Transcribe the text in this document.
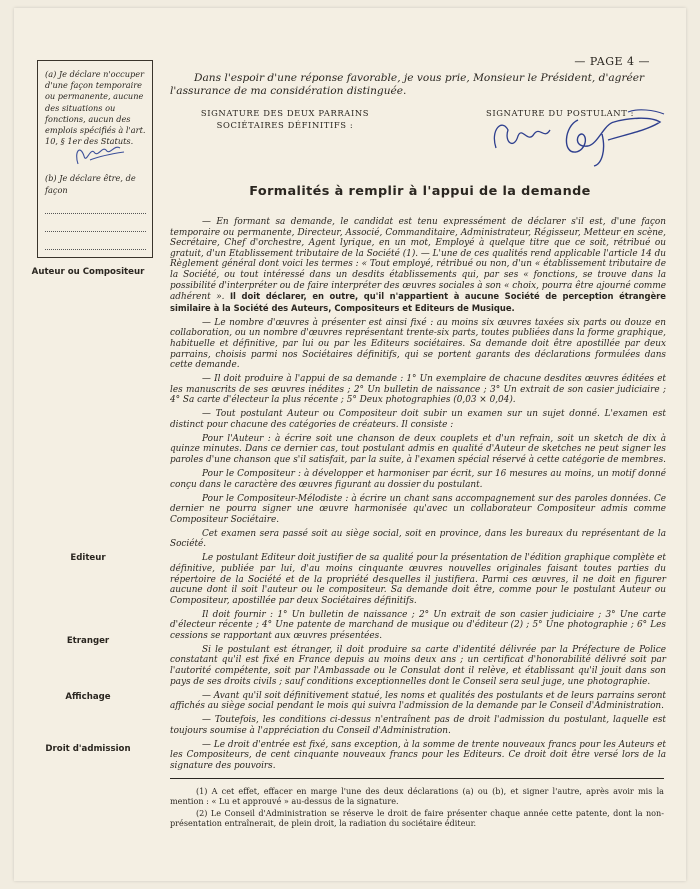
— PAGE 4 —

(a) Je déclare n'occuper d'une façon temporaire ou permanente, aucune des situations ou fonctions, aucun des emplois spécifiés à l'art. 10, § 1er des Statuts.

(b) Je déclare être, de façon

Dans l'espoir d'une réponse favorable, je vous prie, Monsieur le Président, d'agréer l'assurance de ma considération distinguée.
SIGNATURE DES DEUX PARRAINS SOCIÉTAIRES DÉFINITIFS :
SIGNATURE DU POSTULANT :
Formalités à remplir à l'appui de la demande
Auteur ou Compositeur
Editeur
Etranger
Affichage
Droit d'admission

— En formant sa demande, le candidat est tenu expressément de déclarer s'il est, d'une façon temporaire ou permanente, Directeur, Associé, Commanditaire, Administrateur, Régisseur, Metteur en scène, Secrétaire, Chef d'orchestre, Agent lyrique, en un mot, Employé à quelque titre que ce soit, rétribué ou gratuit, d'un Etablissement tributaire de la Société (1). — L'une de ces qualités rend applicable l'article 14 du Règlement général dont voici les termes : « Tout employé, rétribué ou non, d'un « établissement tributaire de la Société, ou tout intéressé dans un desdits établissements qui, par ses « fonctions, se trouve dans la possibilité d'interpréter ou de faire interpréter des œuvres sociales à son « choix, pourra être ajourné comme adhérent ». Il doit déclarer, en outre, qu'il n'appartient à aucune Société de perception étrangère similaire à la Société des Auteurs, Compositeurs et Editeurs de Musique.

— Le nombre d'œuvres à présenter est ainsi fixé : au moins six œuvres taxées six parts ou douze en collaboration, ou un nombre d'œuvres représentant trente-six parts, toutes publiées dans la forme graphique, habituelle et définitive, par lui ou par les Editeurs sociétaires. Sa demande doit être apostillée par deux parrains, choisis parmi nos Sociétaires définitifs, qui se portent garants des déclarations formulées dans cette demande.

— Il doit produire à l'appui de sa demande : 1° Un exemplaire de chacune desdites œuvres éditées et les manuscrits de ses œuvres inédites ; 2° Un bulletin de naissance ; 3° Un extrait de son casier judiciaire ; 4° Sa carte d'électeur la plus récente ; 5° Deux photographies (0,03 × 0,04).

— Tout postulant Auteur ou Compositeur doit subir un examen sur un sujet donné. L'examen est distinct pour chacune des catégories de créateurs. Il consiste :

Pour l'Auteur : à écrire soit une chanson de deux couplets et d'un refrain, soit un sketch de dix à quinze minutes. Dans ce dernier cas, tout postulant admis en qualité d'Auteur de sketches ne peut signer les paroles d'une chanson que s'il satisfait, par la suite, à l'examen spécial réservé à cette catégorie de membres.

Pour le Compositeur : à développer et harmoniser par écrit, sur 16 mesures au moins, un motif donné conçu dans le caractère des œuvres figurant au dossier du postulant.

Pour le Compositeur-Mélodiste : à écrire un chant sans accompagnement sur des paroles données. Ce dernier ne pourra signer une œuvre harmonisée qu'avec un collaborateur Compositeur admis comme Compositeur Sociétaire.

Cet examen sera passé soit au siège social, soit en province, dans les bureaux du représentant de la Société.

Le postulant Editeur doit justifier de sa qualité pour la présentation de l'édition graphique complète et définitive, publiée par lui, d'au moins cinquante œuvres nouvelles originales faisant toutes parties du répertoire de la Société et de la propriété desquelles il justifiera. Parmi ces œuvres, il ne doit en figurer aucune dont il soit l'auteur ou le compositeur. Sa demande doit être, comme pour le postulant Auteur ou Compositeur, apostillée par deux Sociétaires définitifs.

Il doit fournir : 1° Un bulletin de naissance ; 2° Un extrait de son casier judiciaire ; 3° Une carte d'électeur récente ; 4° Une patente de marchand de musique ou d'éditeur (2) ; 5° Une photographie ; 6° Les cessions se rapportant aux œuvres présentées.

Si le postulant est étranger, il doit produire sa carte d'identité délivrée par la Préfecture de Police constatant qu'il est fixé en France depuis au moins deux ans ; un certificat d'honorabilité délivré soit par l'autorité compétente, soit par l'Ambassade ou le Consulat dont il relève, et établissant qu'il jouit dans son pays de ses droits civils ; sauf conditions exceptionnelles dont le Conseil sera seul juge, une photographie.

— Avant qu'il soit définitivement statué, les noms et qualités des postulants et de leurs parrains seront affichés au siège social pendant le mois qui suivra l'admission de la demande par le Conseil d'Administration.

— Toutefois, les conditions ci-dessus n'entraînent pas de droit l'admission du postulant, laquelle est toujours soumise à l'appréciation du Conseil d'Administration.

— Le droit d'entrée est fixé, sans exception, à la somme de trente nouveaux francs pour les Auteurs et les Compositeurs, de cent cinquante nouveaux francs pour les Editeurs. Ce droit doit être versé lors de la signature des pouvoirs.

(1) A cet effet, effacer en marge l'une des deux déclarations (a) ou (b), et signer l'autre, après avoir mis la mention : « Lu et approuvé » au-dessus de la signature.

(2) Le Conseil d'Administration se réserve le droit de faire présenter chaque année cette patente, dont la non-présentation entraînerait, de plein droit, la radiation du sociétaire éditeur.
